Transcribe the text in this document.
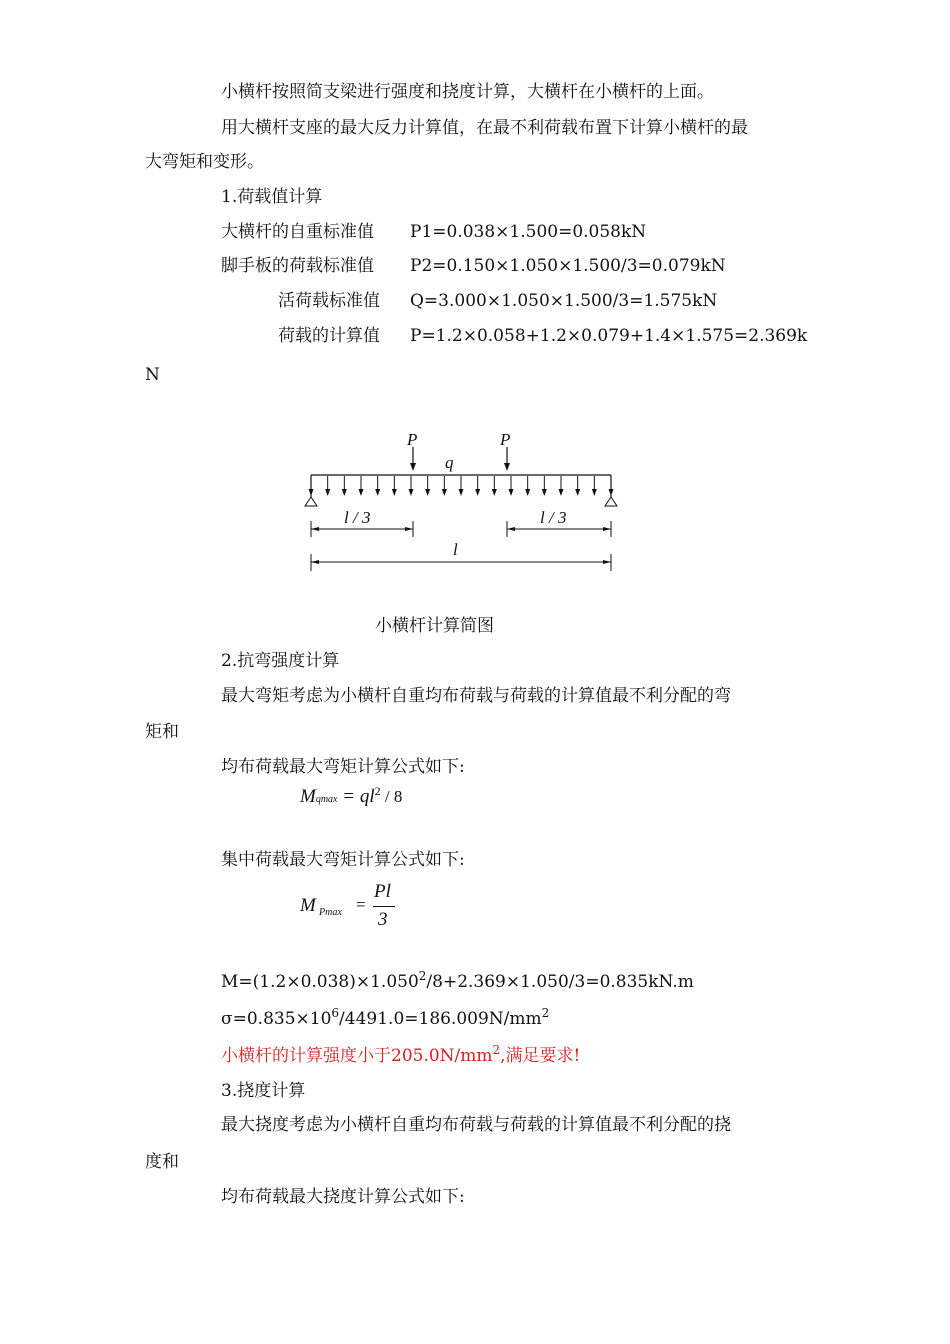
小横杆按照简支梁进行强度和挠度计算，大横杆在小横杆的上面。
用大横杆支座的最大反力计算值，在最不利荷载布置下计算小横杆的最
大弯矩和变形。
1.荷载值计算
大横杆的自重标准值 P1=0.038×1.500=0.058kN
脚手板的荷载标准值 P2=0.150×1.050×1.500/3=0.079kN
活荷载标准值 Q=3.000×1.050×1.500/3=1.575kN
荷载的计算值 P=1.2×0.058+1.2×0.079+1.4×1.575=2.369k
N
P	P
q
l / 3	l / 3
l
小横杆计算简图
2.抗弯强度计算
最大弯矩考虑为小横杆自重均布荷载与荷载的计算值最不利分配的弯
矩和
均布荷载最大弯矩计算公式如下:
$Mqmax = ql^2 / 8$
集中荷载最大弯矩计算公式如下:
M Pmax =
Pl
3
$M=(1.2\times 0.038)\times 1.050^2/8+2.369\times 1.050/3=0.835kN.m$
$\sigma=0.835\times 10^6/4491.0=186.009N/mm^2$
小横杆的计算强度小于$205.0N/mm^2$,满足要求!
3.挠度计算
最大挠度考虑为小横杆自重均布荷载与荷载的计算值最不利分配的挠
度和
均布荷载最大挠度计算公式如下:
